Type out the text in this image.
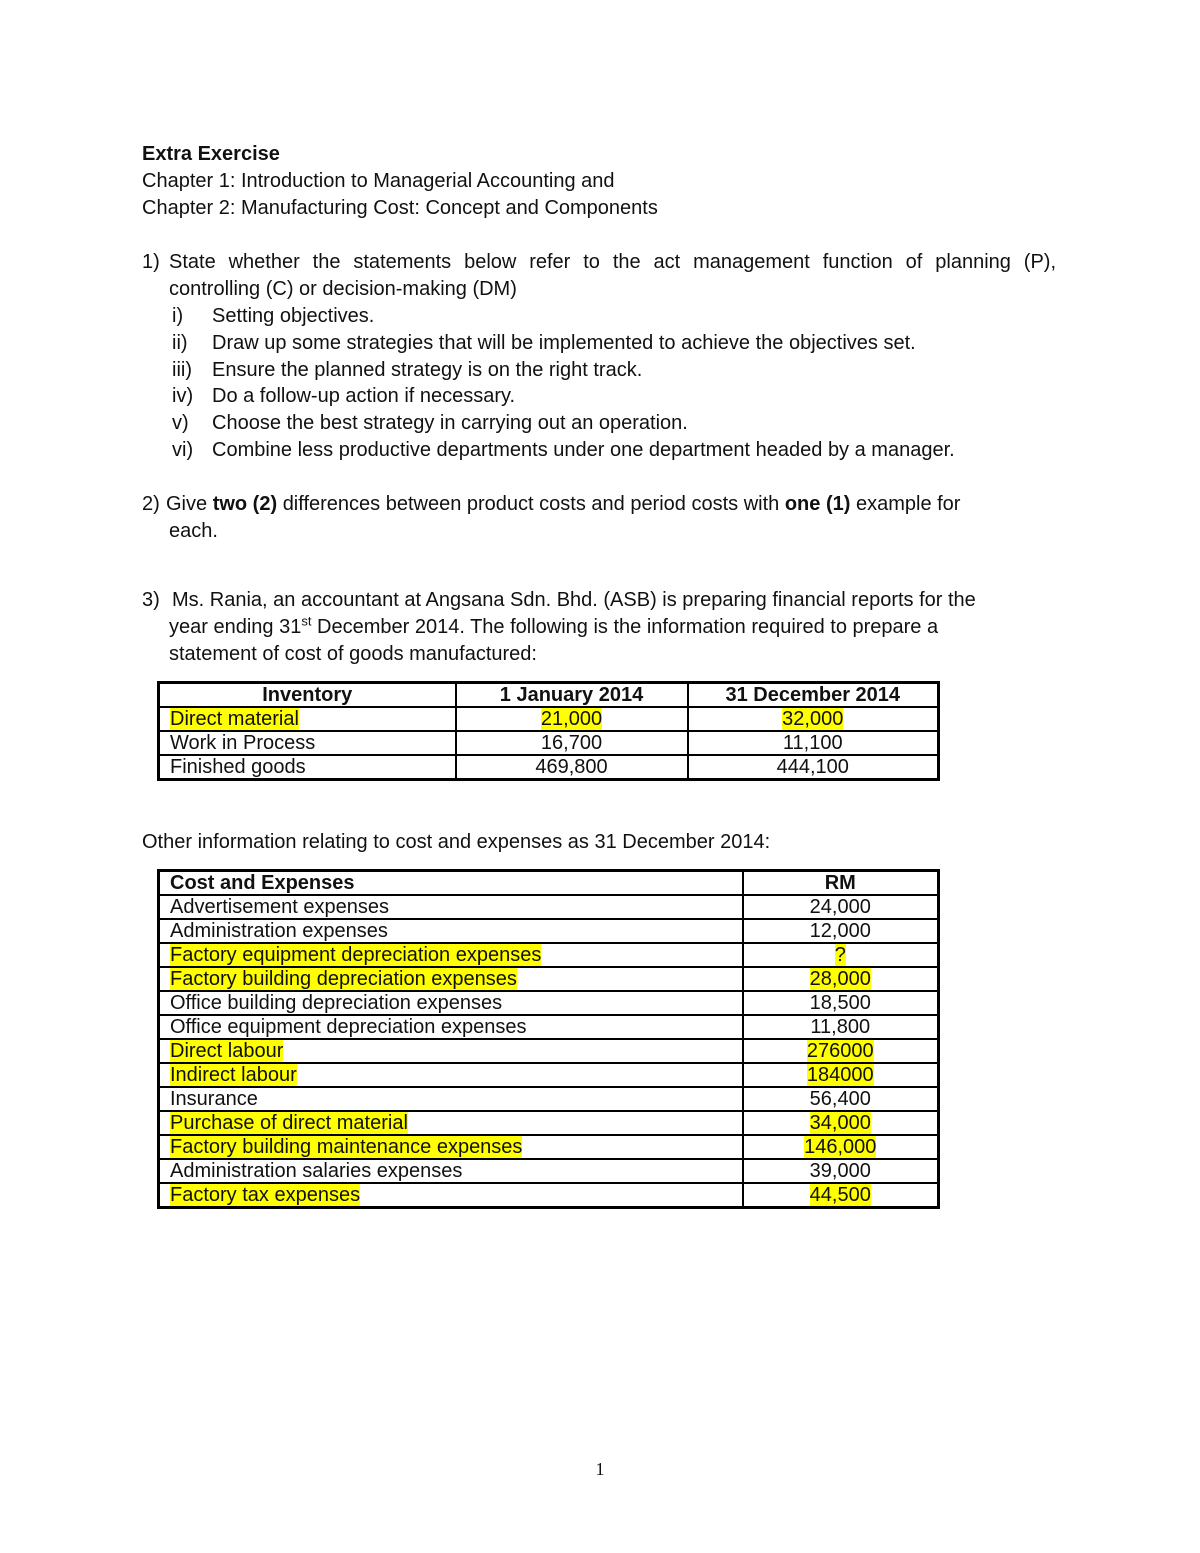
Extra Exercise
Chapter 1: Introduction to Managerial Accounting and
Chapter 2: Manufacturing Cost: Concept and Components
1) State whether the statements below refer to the act management function of planning (P),
controlling (C) or decision-making (DM)
i) Setting objectives.
ii) Draw up some strategies that will be implemented to achieve the objectives set.
iii) Ensure the planned strategy is on the right track.
iv) Do a follow-up action if necessary.
v) Choose the best strategy in carrying out an operation.
vi) Combine less productive departments under one department headed by a manager.
2) Give two (2) differences between product costs and period costs with one (1) example for
each.
3) Ms. Rania, an accountant at Angsana Sdn. Bhd. (ASB) is preparing financial reports for the
year ending 31st December 2014. The following is the information required to prepare a
statement of cost of goods manufactured:
Inventory	1 January 2014	31 December 2014
Direct material	21,000	32,000
Work in Process	16,700	11,100
Finished goods	469,800	444,100
Other information relating to cost and expenses as 31 December 2014:
Cost and Expenses	RM
Advertisement expenses	24,000
Administration expenses	12,000
Factory equipment depreciation expenses	?
Factory building depreciation expenses	28,000
Office building depreciation expenses	18,500
Office equipment depreciation expenses	11,800
Direct labour	276000
Indirect labour	184000
Insurance	56,400
Purchase of direct material	34,000
Factory building maintenance expenses	146,000
Administration salaries expenses	39,000
Factory tax expenses	44,500
1
